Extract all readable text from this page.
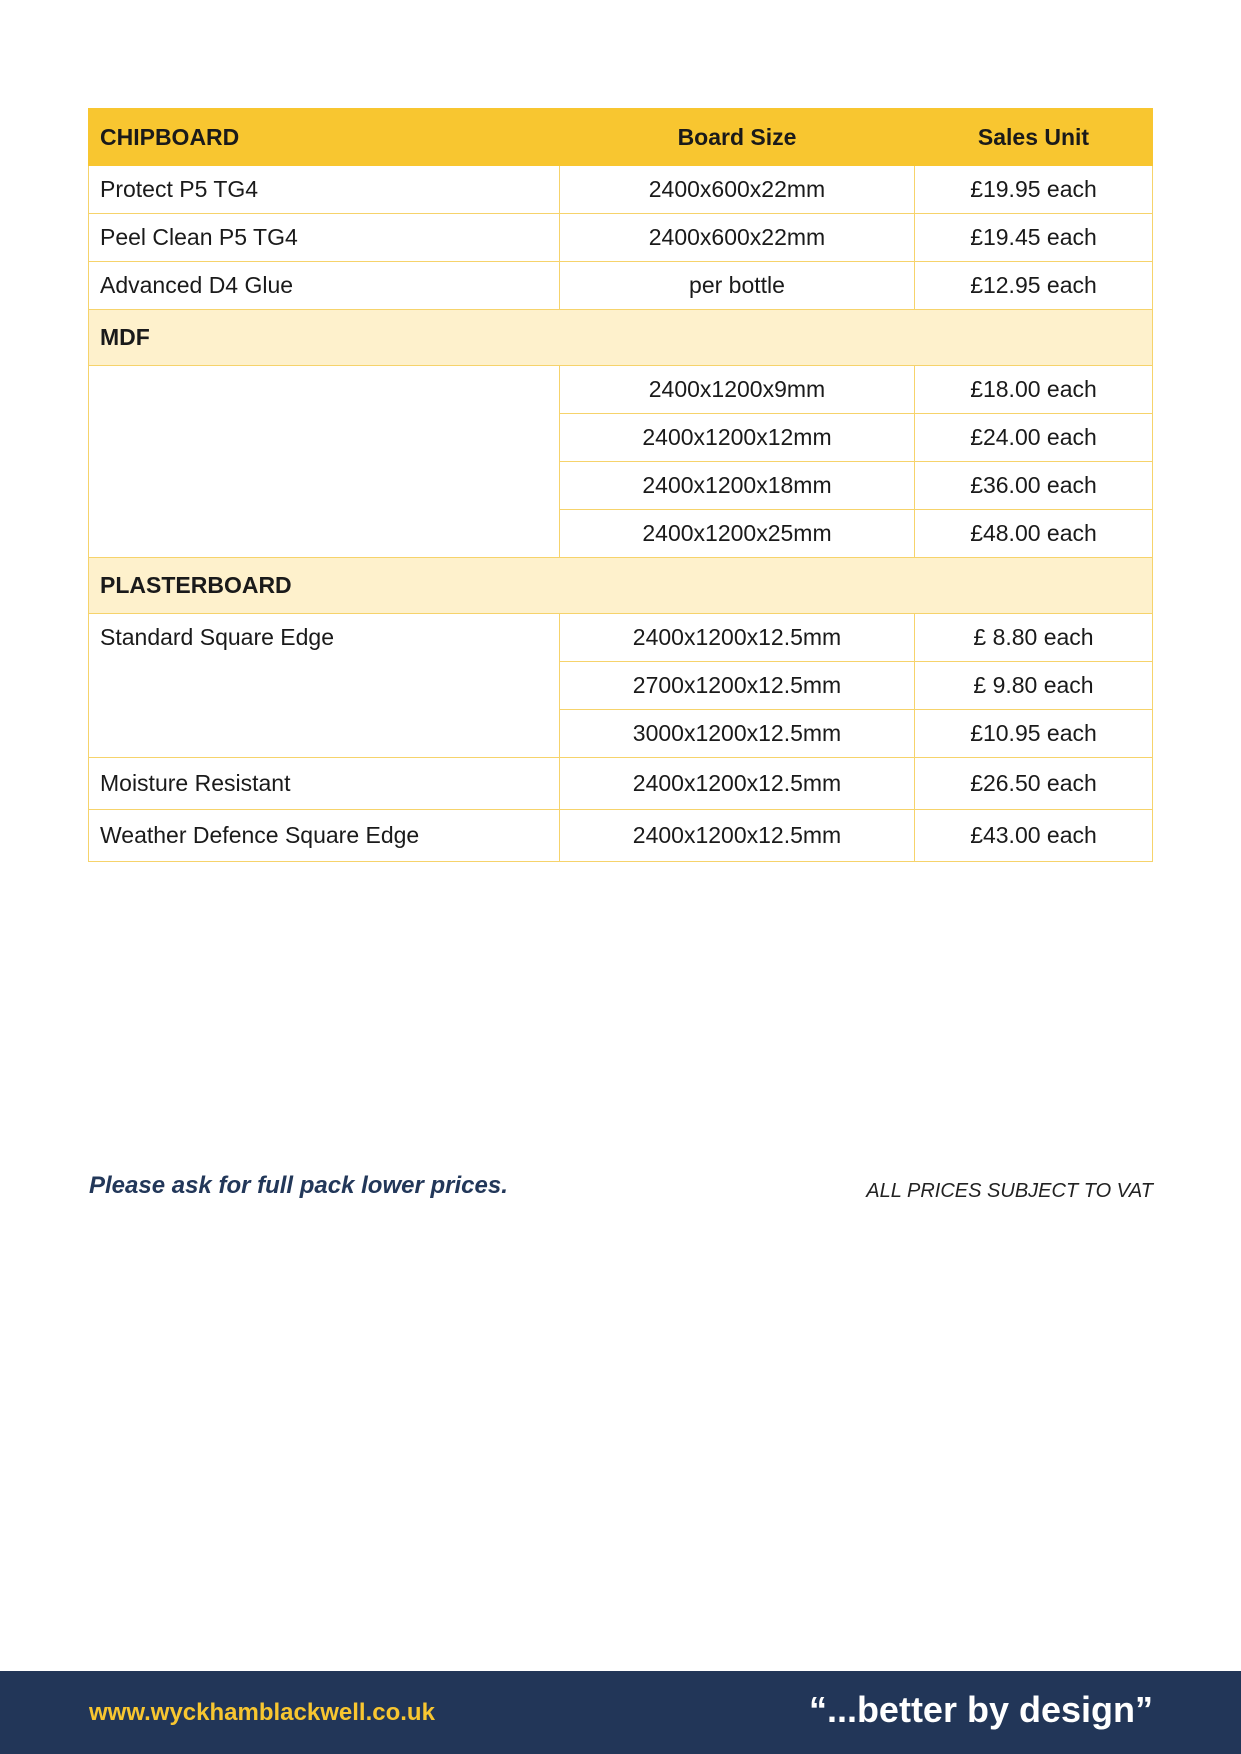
CHIPBOARD	Board Size	Sales Unit
Protect P5 TG4	2400x600x22mm	£19.95 each
Peel Clean P5 TG4	2400x600x22mm	£19.45 each
Advanced D4 Glue	per bottle	£12.95 each
MDF		
	2400x1200x9mm	£18.00 each
	2400x1200x12mm	£24.00 each
	2400x1200x18mm	£36.00 each
	2400x1200x25mm	£48.00 each
PLASTERBOARD		
Standard Square Edge	2400x1200x12.5mm	£ 8.80 each
	2700x1200x12.5mm	£ 9.80 each
	3000x1200x12.5mm	£10.95 each
Moisture Resistant	2400x1200x12.5mm	£26.50 each
Weather Defence Square Edge	2400x1200x12.5mm	£43.00 each
Please ask for full pack lower prices.	ALL PRICES SUBJECT TO VAT
www.wyckhamblackwell.co.uk	“...better by design”
